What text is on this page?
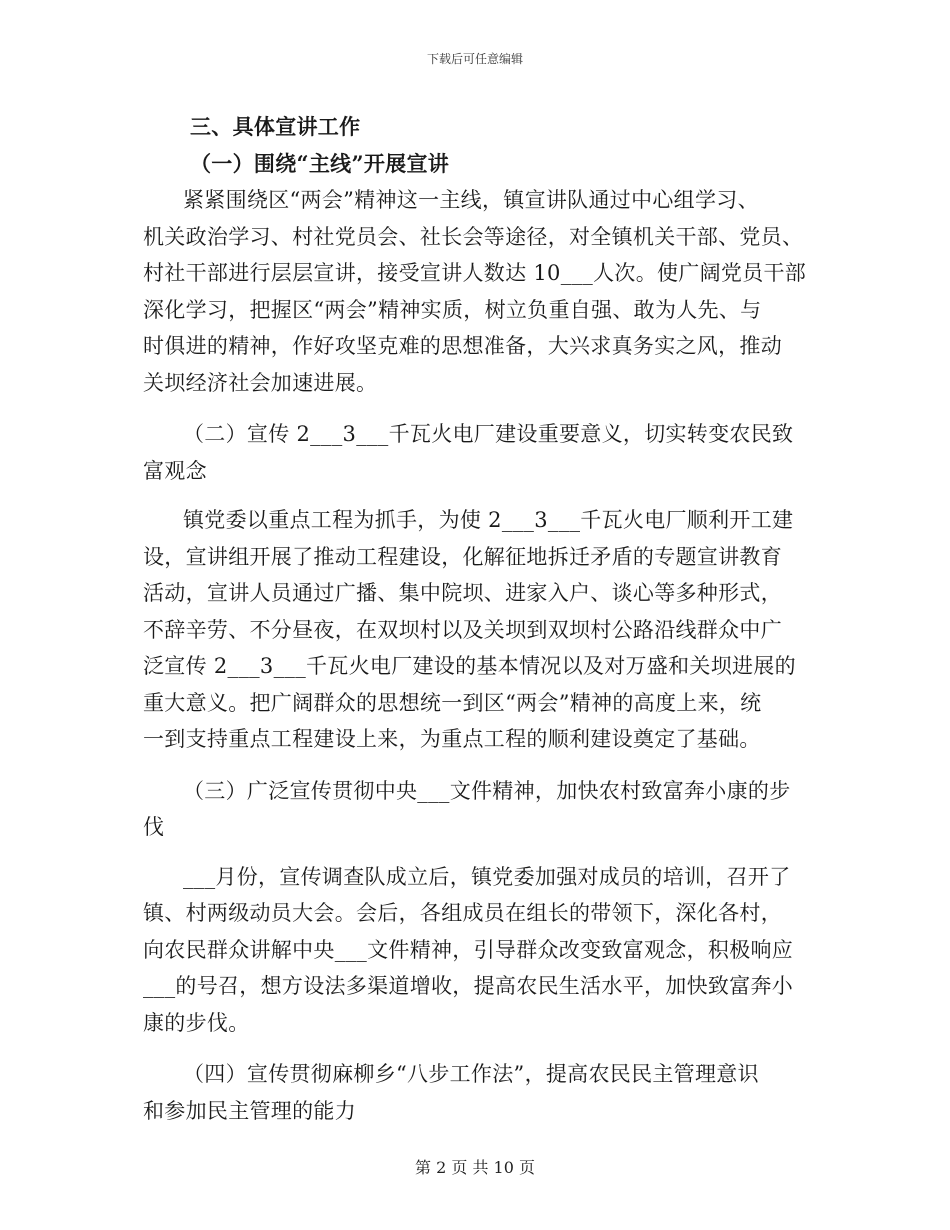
下载后可任意编辑
三、具体宣讲工作
（一）围绕“主线”开展宣讲
紧紧围绕区“两会”精神这一主线，镇宣讲队通过中心组学习、
机关政治学习、村社党员会、社长会等途径，对全镇机关干部、党员、
村社干部进行层层宣讲，接受宣讲人数达 10___人次。使广阔党员干部
深化学习，把握区“两会”精神实质，树立负重自强、敢为人先、与
时俱进的精神，作好攻坚克难的思想准备，大兴求真务实之风，推动
关坝经济社会加速进展。
（二）宣传 2___3___千瓦火电厂建设重要意义，切实转变农民致
富观念
镇党委以重点工程为抓手，为使 2___3___千瓦火电厂顺利开工建
设，宣讲组开展了推动工程建设，化解征地拆迁矛盾的专题宣讲教育
活动，宣讲人员通过广播、集中院坝、进家入户、谈心等多种形式，
不辞辛劳、不分昼夜，在双坝村以及关坝到双坝村公路沿线群众中广
泛宣传 2___3___千瓦火电厂建设的基本情况以及对万盛和关坝进展的
重大意义。把广阔群众的思想统一到区“两会”精神的高度上来，统
一到支持重点工程建设上来，为重点工程的顺利建设奠定了基础。
（三）广泛宣传贯彻中央___文件精神，加快农村致富奔小康的步
伐
___月份，宣传调查队成立后，镇党委加强对成员的培训，召开了
镇、村两级动员大会。会后，各组成员在组长的带领下，深化各村，
向农民群众讲解中央___文件精神，引导群众改变致富观念，积极响应
___的号召，想方设法多渠道增收，提高农民生活水平，加快致富奔小
康的步伐。
（四）宣传贯彻麻柳乡“八步工作法”，提高农民民主管理意识
和参加民主管理的能力
第 2 页 共 10 页
